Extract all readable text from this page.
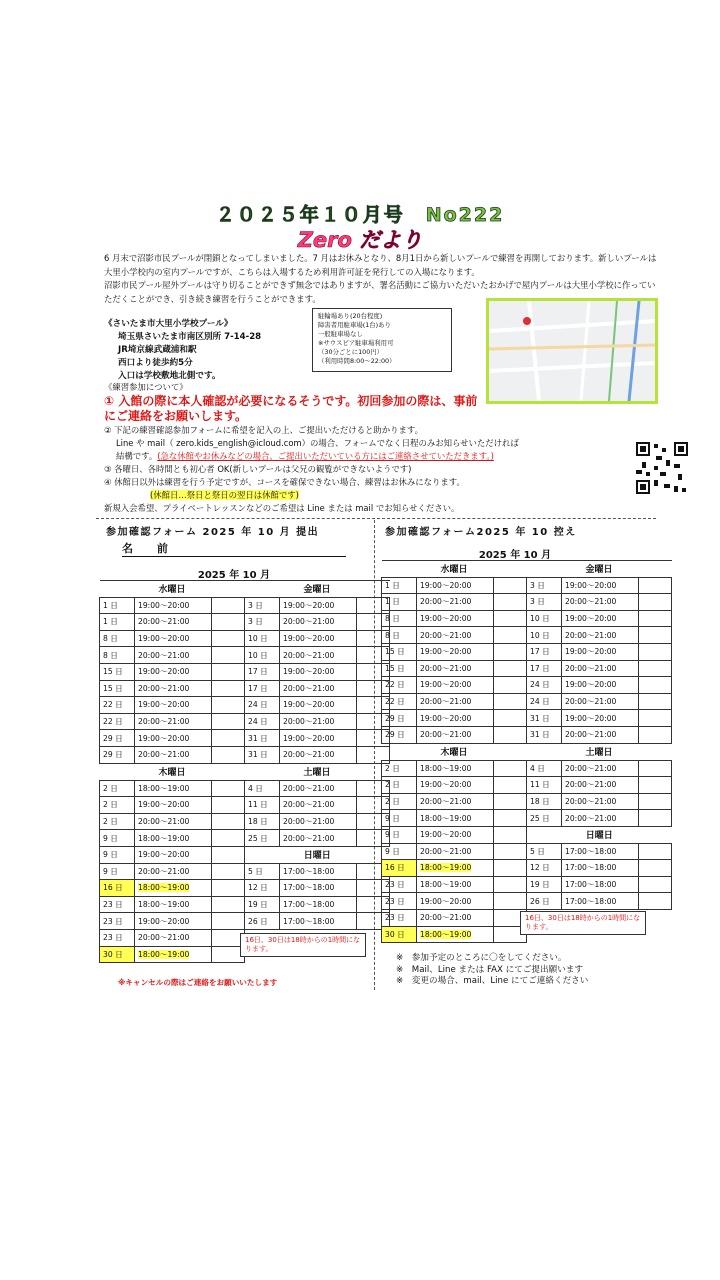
２０２５年１０月号　No222
Zero だより

6 月末で沼影市民プールが閉鎖となってしまいました。7 月はお休みとなり、8月1日から新しいプールで練習を再開しております。新しいプールは大里小学校内の室内プールですが、こちらは入場するため利用許可証を発行しての入場になります。

沼影市民プール屋外プールは守り切ることができず無念ではありますが、署名活動にご協力いただいたおかげで屋内プールは大里小学校に作っていただくことができ、引き続き練習を行うことができます。

《さいたま市大里小学校プール》
埼玉県さいたま市南区別所 7-14-28
JR埼京線武蔵浦和駅
西口より徒歩約5分
入口は学校敷地北側です。
駐輪場あり(20台程度)
障害者用駐車場(1台)あり
一般駐車場なし
※サウスピア駐車場利用可
（30分ごとに100円）
（利用時間8:00〜22:00）
《練習参加について》
① 入館の際に本人確認が必要になるそうです。初回参加の際は、事前にご連絡をお願いします。
② 下記の練習確認参加フォームに希望を記入の上、ご提出いただけると助かります。
Line や mail（ zero.kids_english@icloud.com）の場合、フォームでなく日程のみお知らせいただければ
結構です。(急な休館やお休みなどの場合、ご提出いただいている方にはご連絡させていただきます。)
③ 各曜日、各時間とも初心者 OK(新しいプールは父兄の観覧ができないようです)
④ 休館日以外は練習を行う予定ですが、コースを確保できない場合、練習はお休みになります。
(休館日…祭日と祭日の翌日は休館です)
新規入会希望、プライベートレッスンなどのご希望は Line または mail でお知らせください。
参加確認フォーム 2025 年 10 月 提出
名 前
2025 年 10 月
水曜日			金曜日		
1 日	19:00〜20:00		3 日	19:00〜20:00	
1 日	20:00〜21:00		3 日	20:00〜21:00	
8 日	19:00〜20:00		10 日	19:00〜20:00	
8 日	20:00〜21:00		10 日	20:00〜21:00	
15 日	19:00〜20:00		17 日	19:00〜20:00	
15 日	20:00〜21:00		17 日	20:00〜21:00	
22 日	19:00〜20:00		24 日	19:00〜20:00	
22 日	20:00〜21:00		24 日	20:00〜21:00	
29 日	19:00〜20:00		31 日	19:00〜20:00	
29 日	20:00〜21:00		31 日	20:00〜21:00	
木曜日			土曜日		
2 日	18:00〜19:00		4 日	20:00〜21:00	
2 日	19:00〜20:00		11 日	20:00〜21:00	
2 日	20:00〜21:00		18 日	20:00〜21:00	
9 日	18:00〜19:00		25 日	20:00〜21:00	
9 日	19:00〜20:00		日曜日		
9 日	20:00〜21:00		5 日	17:00〜18:00	
16 日	18:00〜19:00		12 日	17:00〜18:00	
23 日	18:00〜19:00		19 日	17:00〜18:00	
23 日	19:00〜20:00		26 日	17:00〜18:00	
23 日	20:00〜21:00				
30 日	18:00〜19:00				
16日、30日は18時からの1時間になります。
※キャンセルの際はご連絡をお願いいたします
参加確認フォーム2025 年 10 控え
2025 年 10 月
水曜日			金曜日		
1 日	19:00〜20:00		3 日	19:00〜20:00	
1 日	20:00〜21:00		3 日	20:00〜21:00	
8 日	19:00〜20:00		10 日	19:00〜20:00	
8 日	20:00〜21:00		10 日	20:00〜21:00	
15 日	19:00〜20:00		17 日	19:00〜20:00	
15 日	20:00〜21:00		17 日	20:00〜21:00	
22 日	19:00〜20:00		24 日	19:00〜20:00	
22 日	20:00〜21:00		24 日	20:00〜21:00	
29 日	19:00〜20:00		31 日	19:00〜20:00	
29 日	20:00〜21:00		31 日	20:00〜21:00	
木曜日			土曜日		
2 日	18:00〜19:00		4 日	20:00〜21:00	
2 日	19:00〜20:00		11 日	20:00〜21:00	
2 日	20:00〜21:00		18 日	20:00〜21:00	
9 日	18:00〜19:00		25 日	20:00〜21:00	
9 日	19:00〜20:00		日曜日		
9 日	20:00〜21:00		5 日	17:00〜18:00	
16 日	18:00〜19:00		12 日	17:00〜18:00	
23 日	18:00〜19:00		19 日	17:00〜18:00	
23 日	19:00〜20:00		26 日	17:00〜18:00	
23 日	20:00〜21:00				
30 日	18:00〜19:00				
16日、30日は18時からの1時間になります。
※　参加予定のところに〇をしてください。
※　Mail、Line または FAX にてご提出願います
※　変更の場合、mail、Line にてご連絡ください
